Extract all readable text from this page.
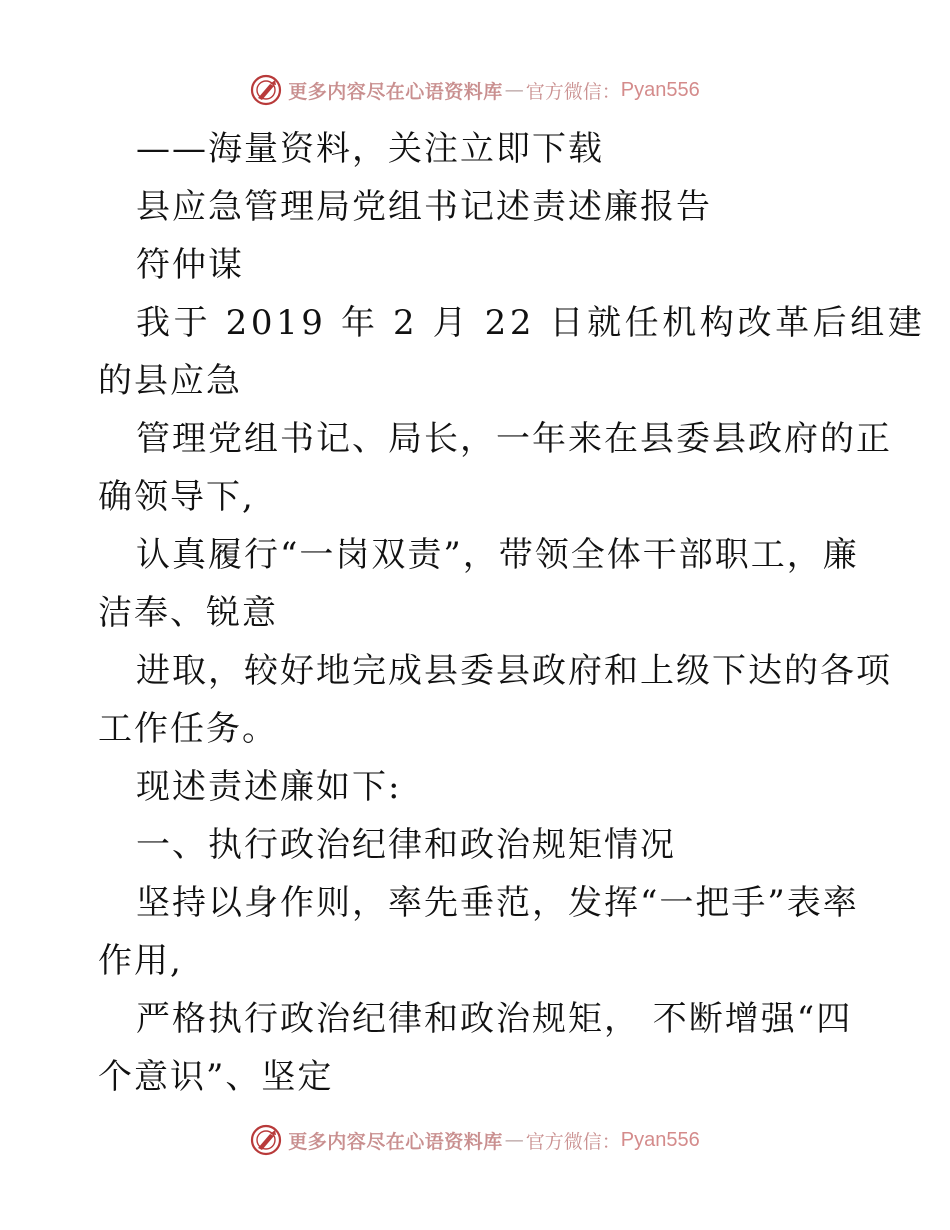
更多内容尽在心语资料库 — 官方微信： Pyan556
——海量资料，关注立即下载
县应急管理局党组书记述责述廉报告
符仲谋
我于 2019 年 2 月 22 日就任机构改革后组建
的县应急
管理党组书记、局长，一年来在县委县政府的正
确领导下,
认真履行“一岗双责”，带领全体干部职工，廉
洁奉、锐意
进取，较好地完成县委县政府和上级下达的各项
工作任务。
现述责述廉如下:
一、执行政治纪律和政治规矩情况
坚持以身作则，率先垂范，发挥“一把手”表率
作用,
严格执行政治纪律和政治规矩， 不断增强“四
个意识”、坚定
更多内容尽在心语资料库 — 官方微信： Pyan556
